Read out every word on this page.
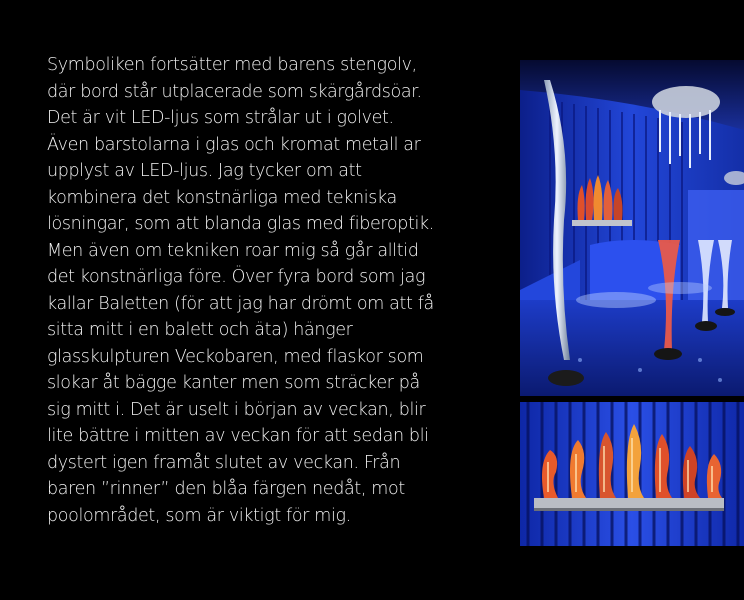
Symboliken fortsätter med barens stengolv,
där bord står utplacerade som skärgårdsöar.
Det är vit LED-ljus som strålar ut i golvet.
Även barstolarna i glas och kromat metall ar
upplyst av LED-ljus. Jag tycker om att
kombinera det konstnärliga med tekniska
lösningar, som att blanda glas med fiberoptik.
Men även om tekniken roar mig så går alltid
det konstnärliga före. Över fyra bord som jag
kallar Baletten (för att jag har drömt om att få
sitta mitt i en balett och äta) hänger
glasskulpturen Veckobaren, med flaskor som
slokar åt bägge kanter men som sträcker på
sig mitt i. Det är uselt i början av veckan, blir
lite bättre i mitten av veckan för att sedan bli
dystert igen framåt slutet av veckan. Från
baren ”rinner” den blåa färgen nedåt, mot
poolområdet, som är viktigt för mig.
